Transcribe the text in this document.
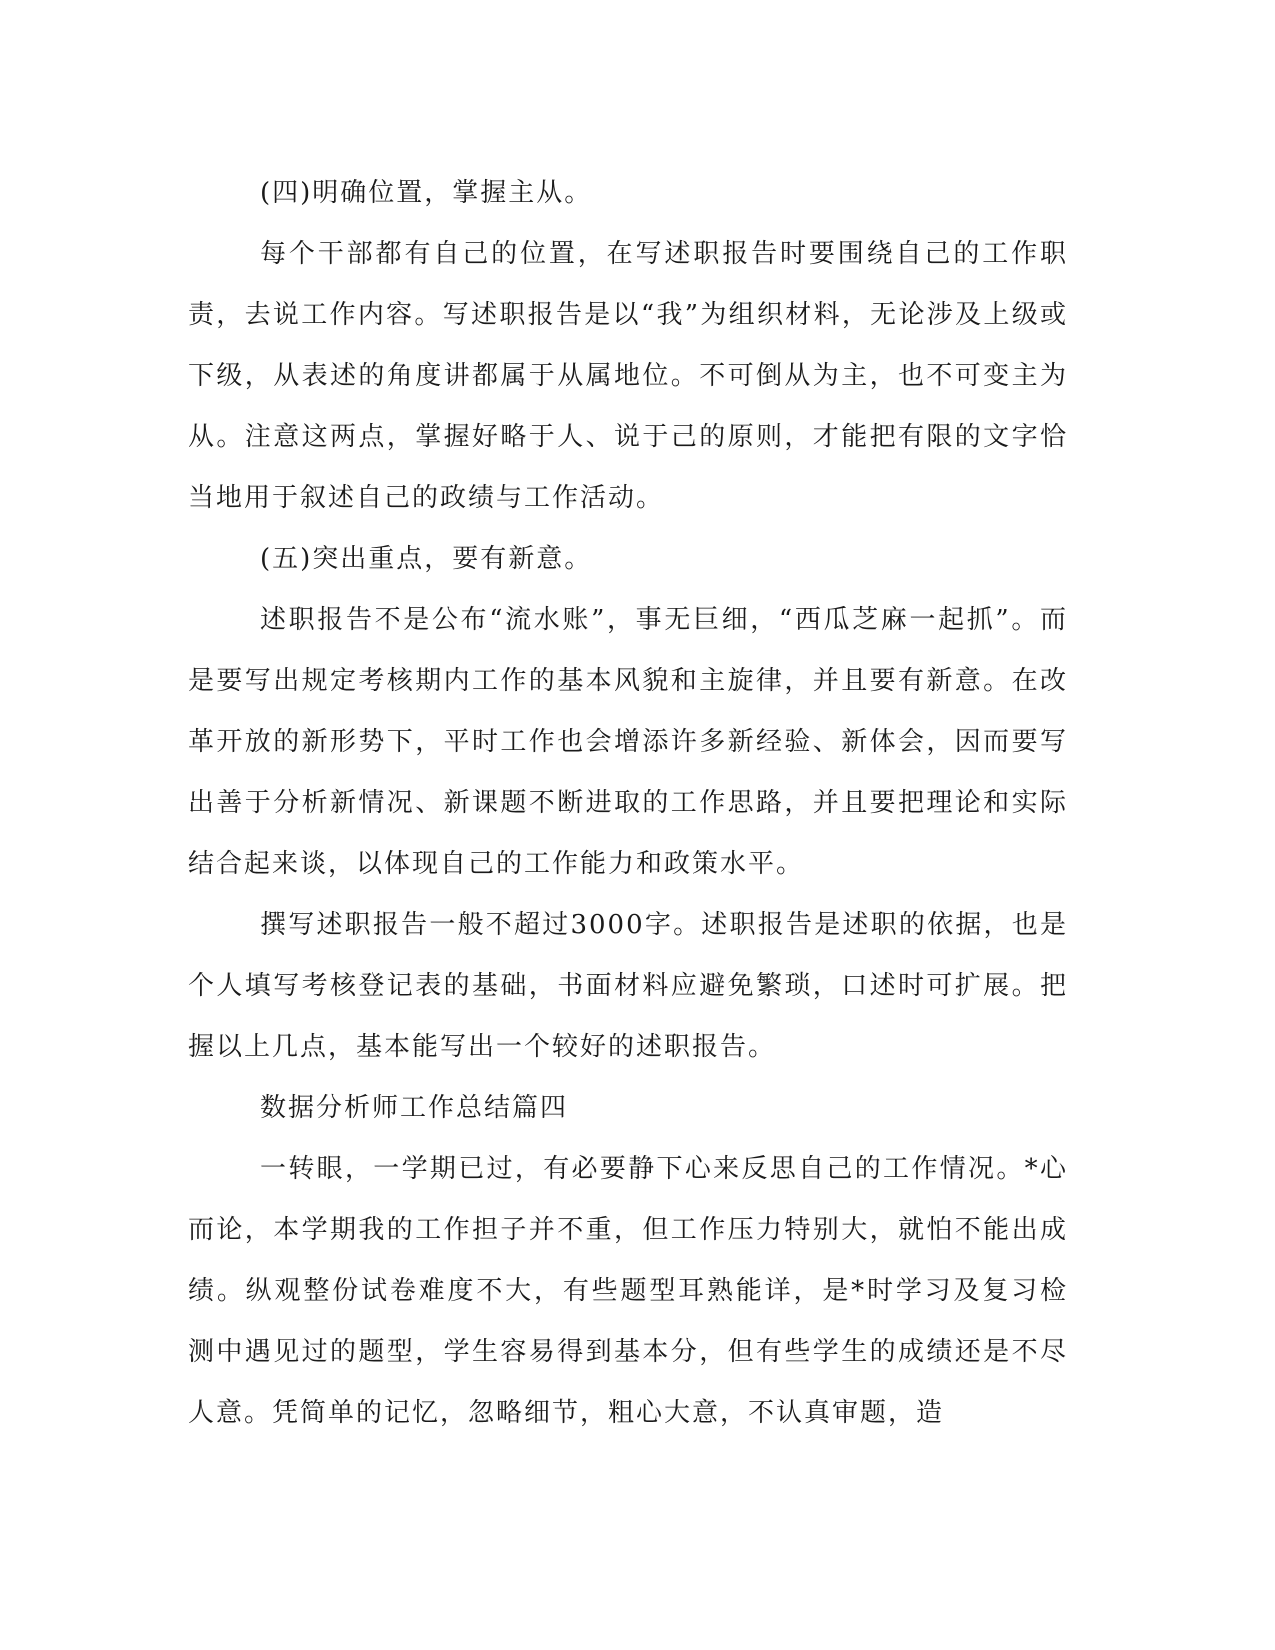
(四)明确位置，掌握主从。

每个干部都有自己的位置，在写述职报告时要围绕自己的工作职责，去说工作内容。写述职报告是以“我”为组织材料，无论涉及上级或下级，从表述的角度讲都属于从属地位。不可倒从为主，也不可变主为从。注意这两点，掌握好略于人、说于己的原则，才能把有限的文字恰当地用于叙述自己的政绩与工作活动。

(五)突出重点，要有新意。

述职报告不是公布“流水账”，事无巨细，“西瓜芝麻一起抓”。而是要写出规定考核期内工作的基本风貌和主旋律，并且要有新意。在改革开放的新形势下，平时工作也会增添许多新经验、新体会，因而要写出善于分析新情况、新课题不断进取的工作思路，并且要把理论和实际结合起来谈，以体现自己的工作能力和政策水平。

撰写述职报告一般不超过3000字。述职报告是述职的依据，也是个人填写考核登记表的基础，书面材料应避免繁琐，口述时可扩展。把握以上几点，基本能写出一个较好的述职报告。

数据分析师工作总结篇四

一转眼，一学期已过，有必要静下心来反思自己的工作情况。*心而论，本学期我的工作担子并不重，但工作压力特别大，就怕不能出成绩。纵观整份试卷难度不大，有些题型耳熟能详，是*时学习及复习检测中遇见过的题型，学生容易得到基本分，但有些学生的成绩还是不尽人意。凭简单的记忆，忽略细节，粗心大意，不认真审题，造
